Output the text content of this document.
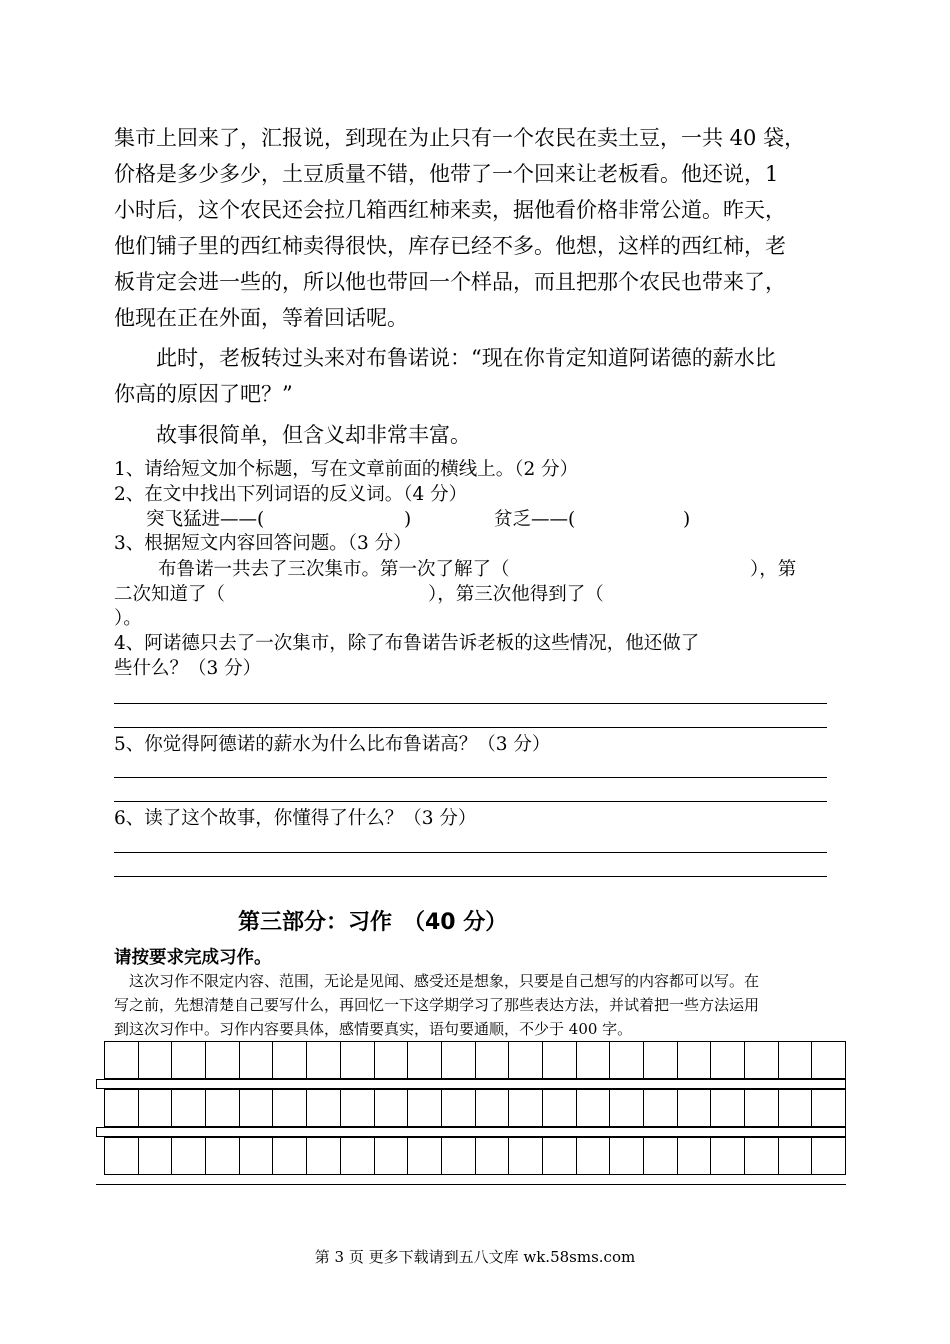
集市上回来了，汇报说，到现在为止只有一个农民在卖土豆，一共 40 袋，

价格是多少多少，土豆质量不错，他带了一个回来让老板看。他还说，1

小时后，这个农民还会拉几箱西红柿来卖，据他看价格非常公道。昨天，

他们铺子里的西红柿卖得很快，库存已经不多。他想，这样的西红柿，老

板肯定会进一些的，所以他也带回一个样品，而且把那个农民也带来了，

他现在正在外面，等着回话呢。

　　此时，老板转过头来对布鲁诺说：“现在你肯定知道阿诺德的薪水比

你高的原因了吧？”

　　故事很简单，但含义却非常丰富。

1、请给短文加个标题，写在文章前面的横线上。（2 分）

2、在文中找出下列词语的反义词。（4 分）

突飞猛进——(	)	贫乏——(	)

3、根据短文内容回答问题。（3 分）

布鲁诺一共去了三次集市。第一次了解了（	），第

二次知道了（	），第三次他得到了（

）。

4、阿诺德只去了一次集市，除了布鲁诺告诉老板的这些情况，他还做了

些什么？（3 分）

5、你觉得阿德诺的薪水为什么比布鲁诺高？（3 分）

6、读了这个故事，你懂得了什么？（3 分）

第三部分：习作　（40 分）

请按要求完成习作。

　这次习作不限定内容、范围，无论是见闻、感受还是想象，只要是自己想写的内容都可以写。在

写之前，先想清楚自己要写什么，再回忆一下这学期学习了那些表达方法，并试着把一些方法运用

到这次习作中。习作内容要具体，感情要真实，语句要通顺，不少于 400 字。

第 3 页 更多下载请到五八文库 wk.58sms.com
